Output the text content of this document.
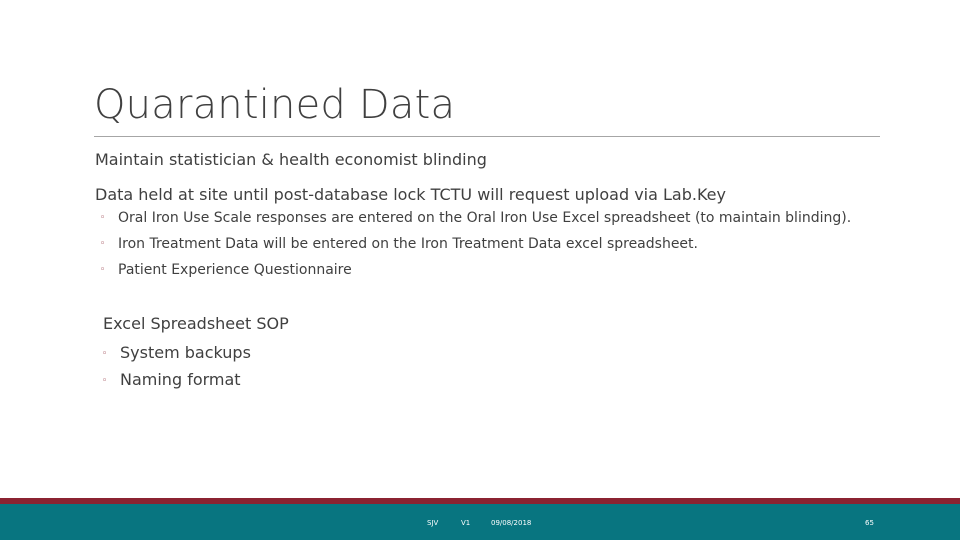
Quarantined Data
Maintain statistician & health economist blinding
Data held at site until post-database lock TCTU will request upload via Lab.Key
◦ Oral Iron Use Scale responses are entered on the Oral Iron Use Excel spreadsheet (to maintain blinding).
◦ Iron Treatment Data will be entered on the Iron Treatment Data excel spreadsheet.
◦ Patient Experience Questionnaire
Excel Spreadsheet SOP
◦ System backups
◦ Naming format
SJV	V1	09/08/2018	65
